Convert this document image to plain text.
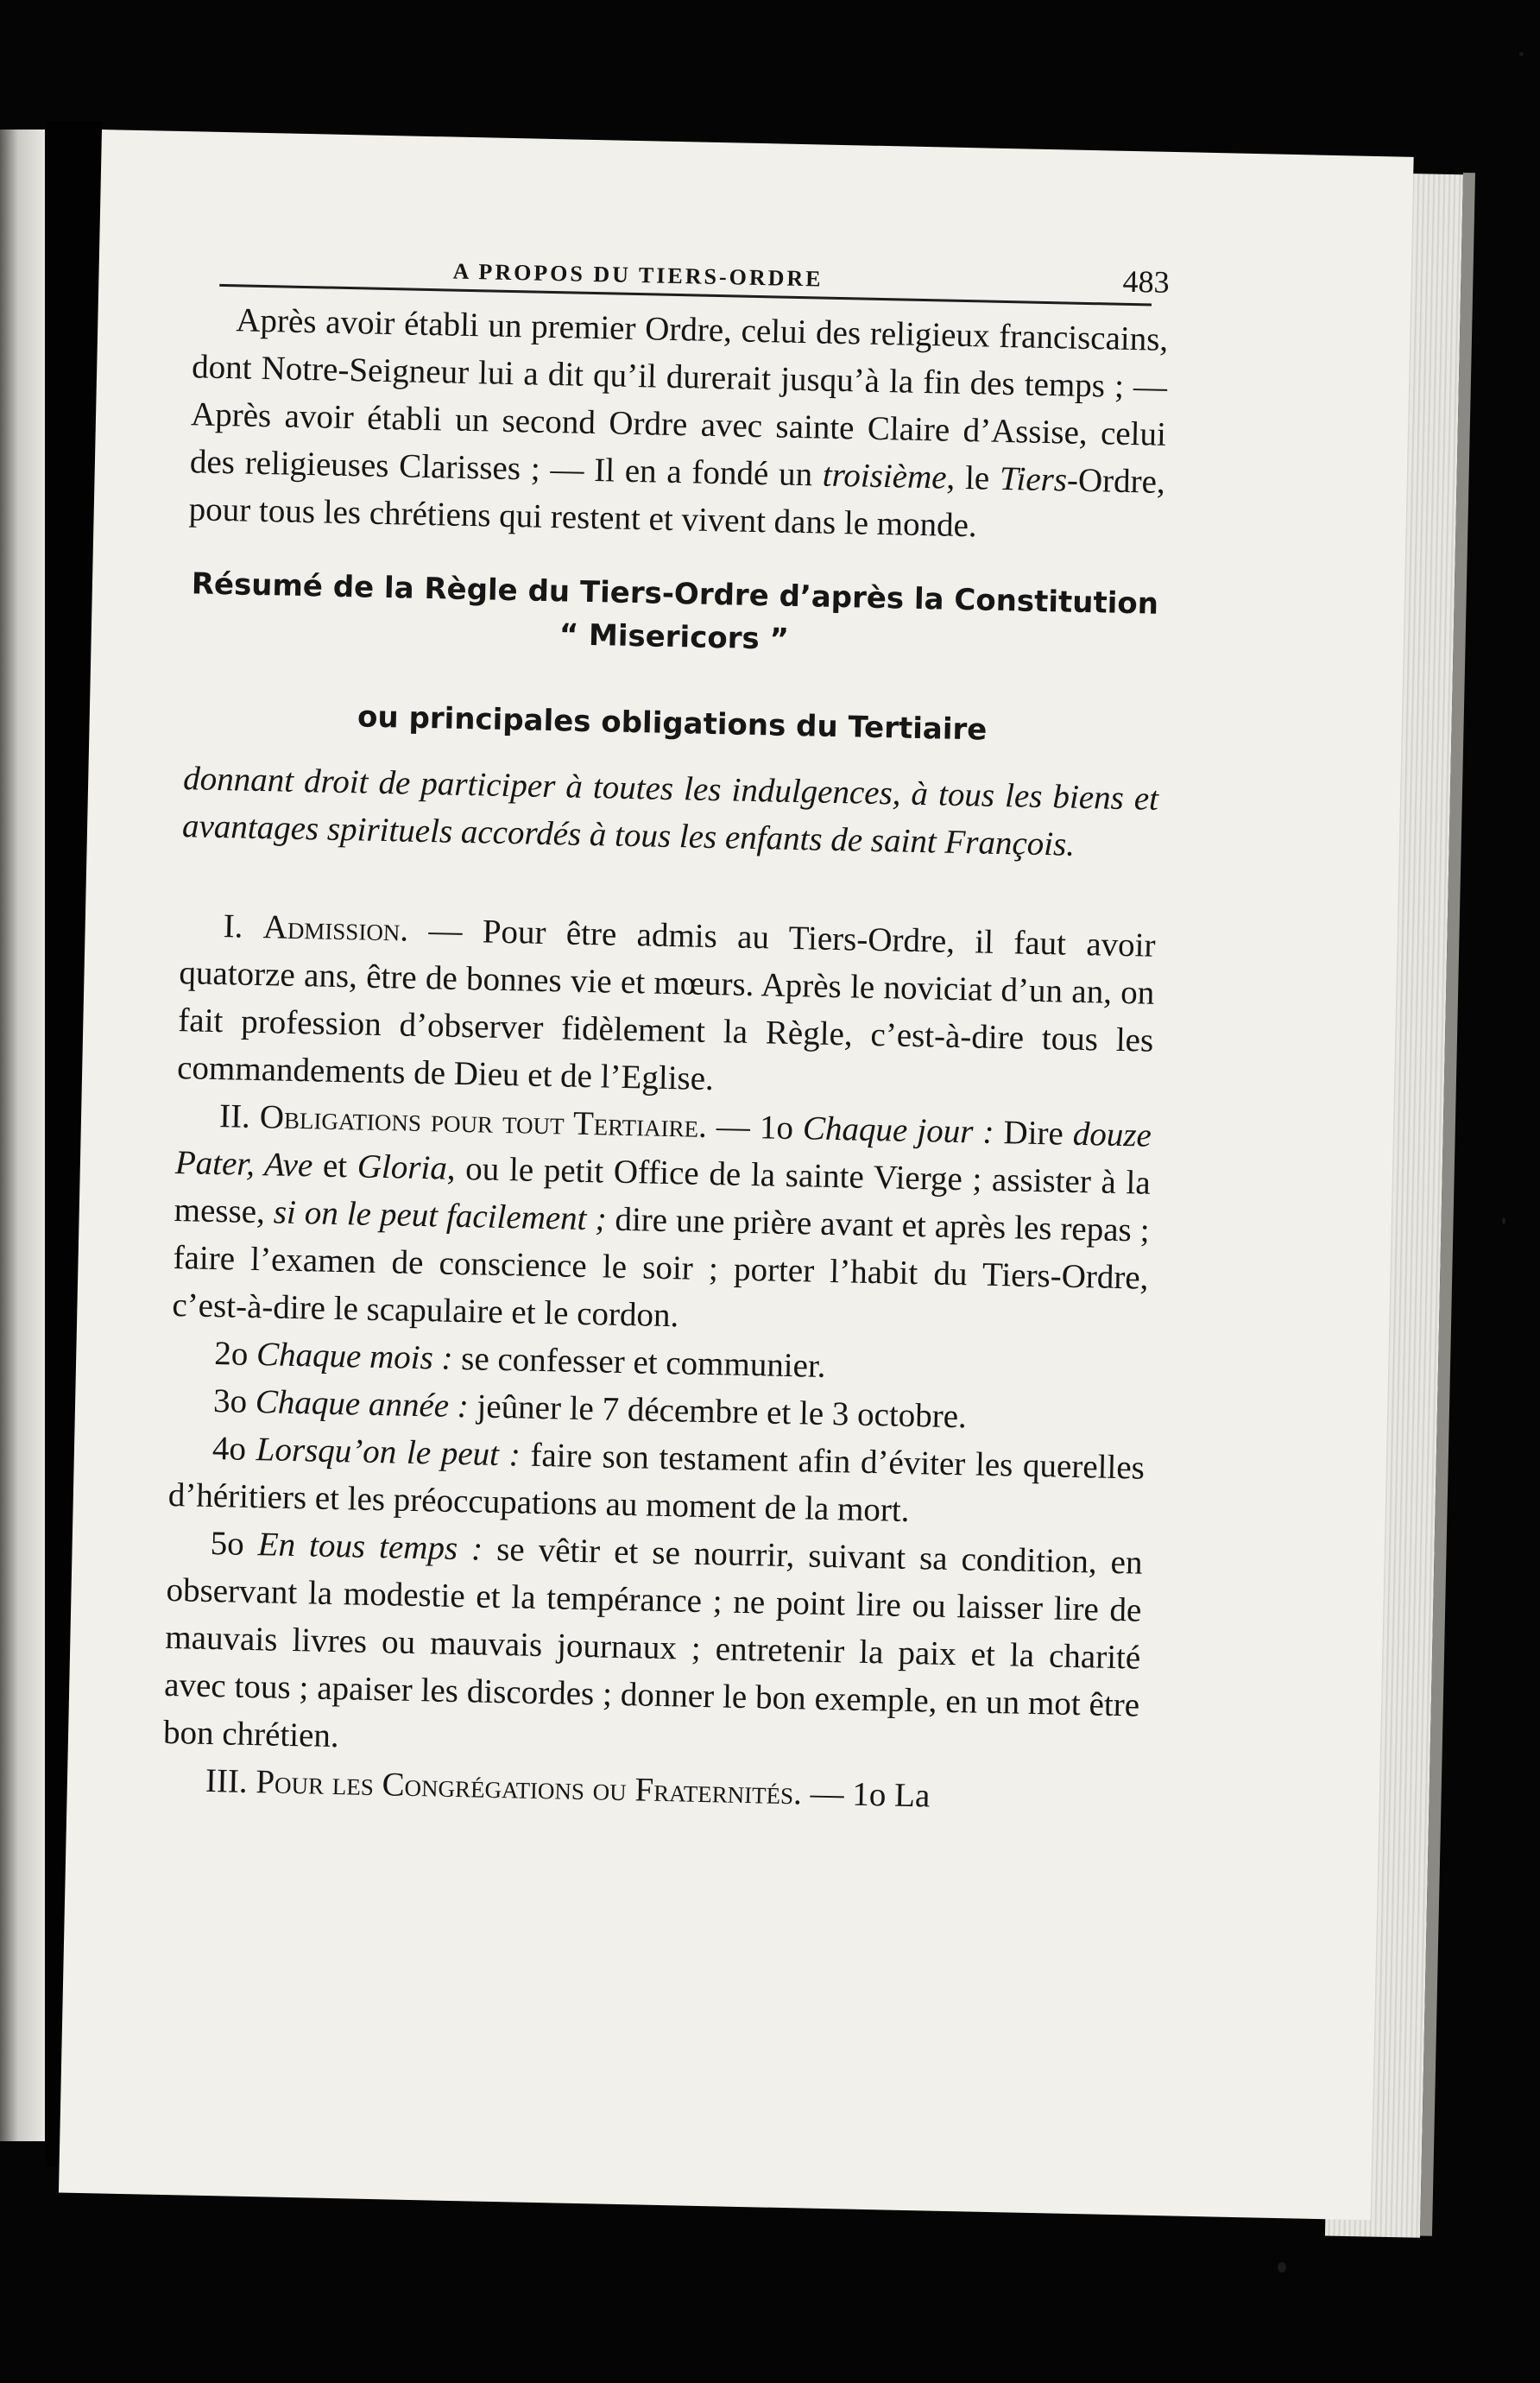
A PROPOS DU TIERS-ORDRE	483

Après avoir établi un premier Ordre, celui des religieux franciscains, dont Notre-Seigneur lui a dit qu’il durerait jusqu’à la fin des temps ; — Après avoir établi un second Ordre avec sainte Claire d’Assise, celui des religieuses Clarisses ; — Il en a fondé un troisième, le Tiers-Ordre, pour tous les chrétiens qui restent et vivent dans le monde.

Résumé de la Règle du Tiers-Ordre d’après la Constitution
“ Misericors ”
ou principales obligations du Tertiaire

donnant droit de participer à toutes les indulgences, à tous les biens et avantages spirituels accordés à tous les enfants de saint François.

I. Admission. — Pour être admis au Tiers-Ordre, il faut avoir quatorze ans, être de bonnes vie et mœurs. Après le noviciat d’un an, on fait profession d’observer fidèlement la Règle, c’est-à-dire tous les commandements de Dieu et de l’Eglise.

II. Obligations pour tout Tertiaire. — 1o Chaque jour : Dire douze Pater, Ave et Gloria, ou le petit Office de la sainte Vierge ; assister à la messe, si on le peut facilement ; dire une prière avant et après les repas ; faire l’examen de conscience le soir ; porter l’habit du Tiers-Ordre, c’est-à-dire le scapulaire et le cordon.

2o Chaque mois : se confesser et communier.

3o Chaque année : jeûner le 7 décembre et le 3 octobre.

4o Lorsqu’on le peut : faire son testament afin d’éviter les querelles d’héritiers et les préoccupations au moment de la mort.

5o En tous temps : se vêtir et se nourrir, suivant sa condition, en observant la modestie et la tempérance ; ne point lire ou laisser lire de mauvais livres ou mauvais journaux ; entretenir la paix et la charité avec tous ; apaiser les discordes ; donner le bon exemple, en un mot être bon chrétien.

III. Pour les Congrégations ou Fraternités. — 1o La
